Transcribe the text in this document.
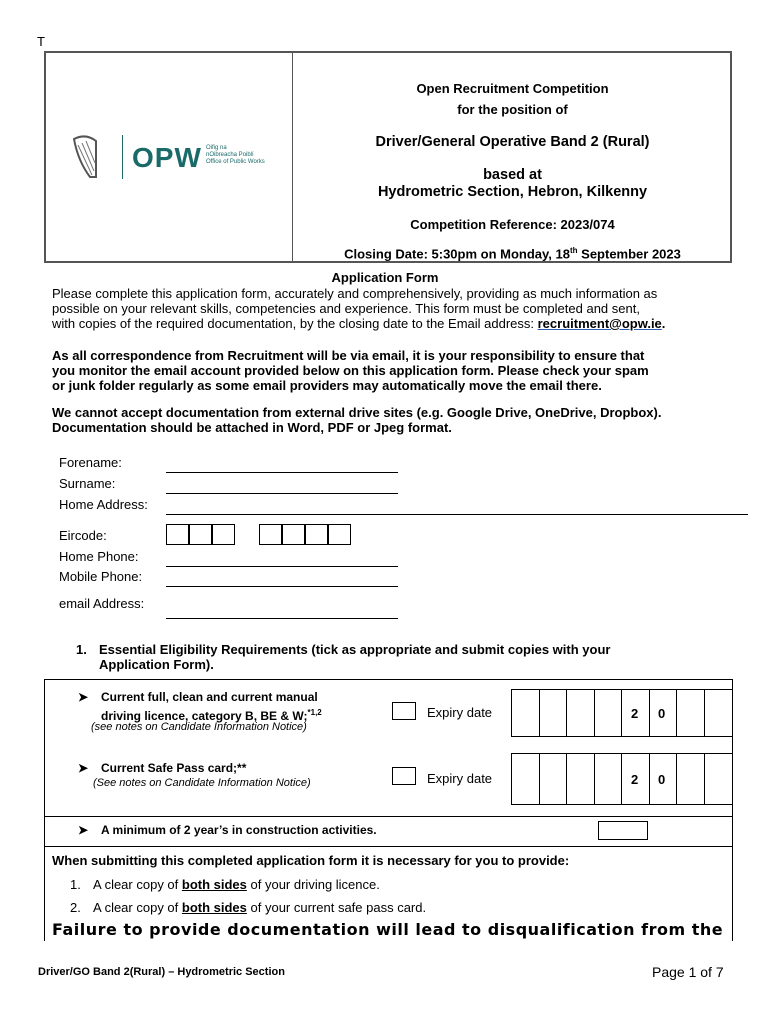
T
OPW Oifig na
nOibreacha Poiblí
Office of Public Works
Open Recruitment Competition
for the position of
Driver/General Operative Band 2 (Rural)
based at
Hydrometric Section, Hebron, Kilkenny
Competition Reference: 2023/074
Closing Date: 5:30pm on Monday, 18th September 2023
Application Form
Please complete this application form, accurately and comprehensively, providing as much information as
possible on your relevant skills, competencies and experience. This form must be completed and sent,
with copies of the required documentation, by the closing date to the Email address: recruitment@opw.ie.
As all correspondence from Recruitment will be via email, it is your responsibility to ensure that
you monitor the email account provided below on this application form. Please check your spam
or junk folder regularly as some email providers may automatically move the email there.
We cannot accept documentation from external drive sites (e.g. Google Drive, OneDrive, Dropbox).
Documentation should be attached in Word, PDF or Jpeg format.
Forename:
Surname:
Home Address:
Eircode:
Home Phone:
Mobile Phone:
email Address:
1. Essential Eligibility Requirements (tick as appropriate and submit copies with your
Application Form).
➤ Current full, clean and current manual
driving licence, category B, BE & W;$^{*1,2}$
(see notes on Candidate Information Notice)
Expiry date	2 0
➤ Current Safe Pass card;**
(See notes on Candidate Information Notice)	Expiry date	2 0
➤ A minimum of 2 year’s in construction activities.
When submitting this completed application form it is necessary for you to provide:
1. A clear copy of both sides of your driving licence.
2. A clear copy of both sides of your current safe pass card.
Failure to provide documentation will lead to disqualification from the
Driver/GO Band 2(Rural) – Hydrometric Section	Page 1 of 7
